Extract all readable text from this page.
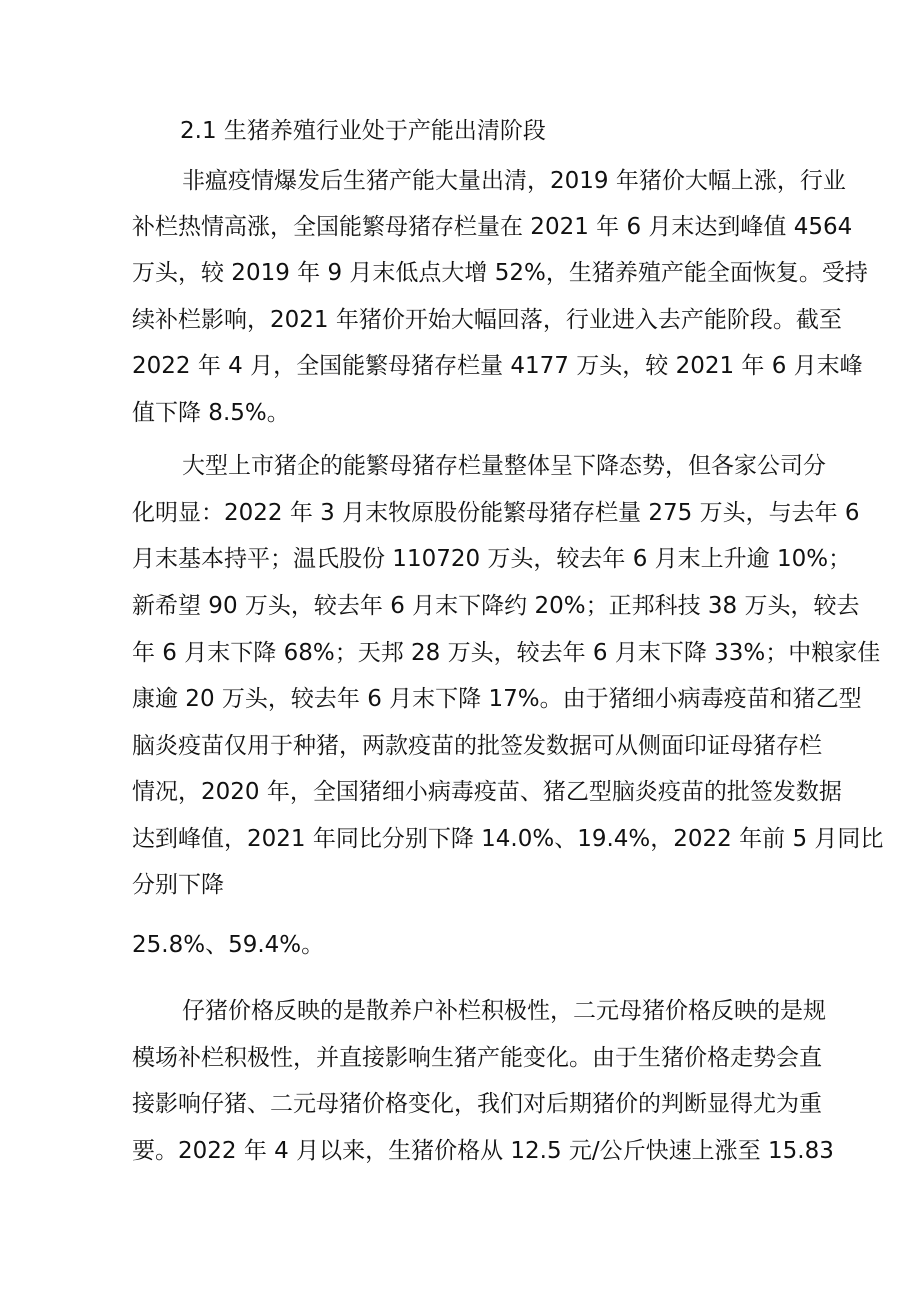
2.1 生猪养殖行业处于产能出清阶段
非瘟疫情爆发后生猪产能大量出清，2019 年猪价大幅上涨，行业
补栏热情高涨，全国能繁母猪存栏量在 2021 年 6 月末达到峰值 4564
万头，较 2019 年 9 月末低点大增 52%，生猪养殖产能全面恢复。受持
续补栏影响，2021 年猪价开始大幅回落，行业进入去产能阶段。截至
2022 年 4 月，全国能繁母猪存栏量 4177 万头，较 2021 年 6 月末峰
值下降 8.5%。
大型上市猪企的能繁母猪存栏量整体呈下降态势，但各家公司分
化明显：2022 年 3 月末牧原股份能繁母猪存栏量 275 万头，与去年 6
月末基本持平；温氏股份 110720 万头，较去年 6 月末上升逾 10%；
新希望 90 万头，较去年 6 月末下降约 20%；正邦科技 38 万头，较去
年 6 月末下降 68%；天邦 28 万头，较去年 6 月末下降 33%；中粮家佳
康逾 20 万头，较去年 6 月末下降 17%。由于猪细小病毒疫苗和猪乙型
脑炎疫苗仅用于种猪，两款疫苗的批签发数据可从侧面印证母猪存栏
情况，2020 年，全国猪细小病毒疫苗、猪乙型脑炎疫苗的批签发数据
达到峰值，2021 年同比分别下降 14.0%、19.4%，2022 年前 5 月同比
分别下降
25.8%、59.4%。
仔猪价格反映的是散养户补栏积极性，二元母猪价格反映的是规
模场补栏积极性，并直接影响生猪产能变化。由于生猪价格走势会直
接影响仔猪、二元母猪价格变化，我们对后期猪价的判断显得尤为重
要。2022 年 4 月以来，生猪价格从 12.5 元/公斤快速上涨至 15.83
